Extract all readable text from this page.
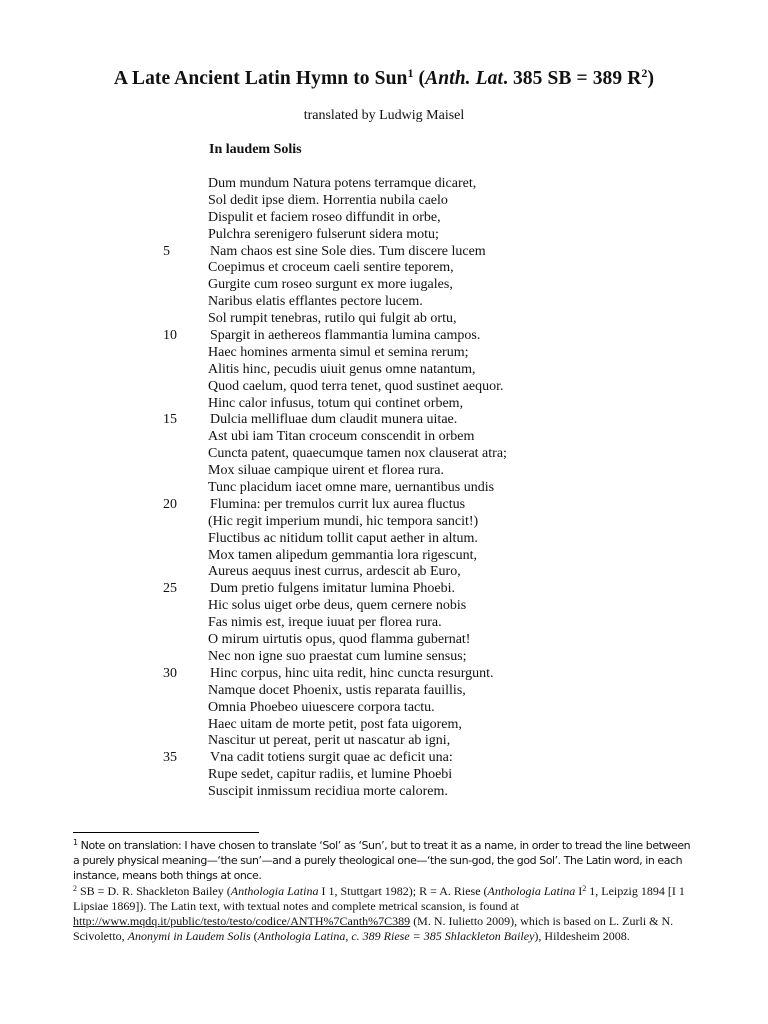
A Late Ancient Latin Hymn to Sun$^1$ (Anth. Lat. 385 SB = 389 $R^2$)
translated by Ludwig Maisel
In laudem Solis
Dum mundum Natura potens terramque dicaret,
Sol dedit ipse diem. Horrentia nubila caelo
Dispulit et faciem roseo diffundit in orbe,
Pulchra serenigero fulserunt sidera motu;
5	Nam chaos est sine Sole dies. Tum discere lucem
Coepimus et croceum caeli sentire teporem,
Gurgite cum roseo surgunt ex more iugales,
Naribus elatis efflantes pectore lucem.
Sol rumpit tenebras, rutilo qui fulgit ab ortu,
10	Spargit in aethereos flammantia lumina campos.
Haec homines armenta simul et semina rerum;
Alitis hinc, pecudis uiuit genus omne natantum,
Quod caelum, quod terra tenet, quod sustinet aequor.
Hinc calor infusus, totum qui continet orbem,
15	Dulcia mellifluae dum claudit munera uitae.
Ast ubi iam Titan croceum conscendit in orbem
Cuncta patent, quaecumque tamen nox clauserat atra;
Mox siluae campique uirent et florea rura.
Tunc placidum iacet omne mare, uernantibus undis
20	Flumina: per tremulos currit lux aurea fluctus
(Hic regit imperium mundi, hic tempora sancit!)
Fluctibus ac nitidum tollit caput aether in altum.
Mox tamen alipedum gemmantia lora rigescunt,
Aureus aequus inest currus, ardescit ab Euro,
25	Dum pretio fulgens imitatur lumina Phoebi.
Hic solus uiget orbe deus, quem cernere nobis
Fas nimis est, ireque iuuat per florea rura.
O mirum uirtutis opus, quod flamma gubernat!
Nec non igne suo praestat cum lumine sensus;
30	Hinc corpus, hinc uita redit, hinc cuncta resurgunt.
Namque docet Phoenix, ustis reparata fauillis,
Omnia Phoebeo uiuescere corpora tactu.
Haec uitam de morte petit, post fata uigorem,
Nascitur ut pereat, perit ut nascatur ab igni,
35	Vna cadit totiens surgit quae ac deficit una:
Rupe sedet, capitur radiis, et lumine Phoebi
Suscipit inmissum recidiua morte calorem.

$^1$ Note on translation: I have chosen to translate ‘Sol’ as ‘Sun’, but to treat it as a name, in order to tread the line between a purely physical meaning—‘the sun’—and a purely theological one—‘the sun-god, the god Sol’. The Latin word, in each instance, means both things at once.

$^2$ SB = D. R. Shackleton Bailey (Anthologia Latina I 1, Stuttgart 1982); R = A. Riese (Anthologia Latina $I^2$ 1, Leipzig 1894 [I 1 Lipsiae 1869]). The Latin text, with textual notes and complete metrical scansion, is found at http://www.mqdq.it/public/testo/testo/codice/ANTH%7Canth%7C389 (M. N. Iulietto 2009), which is based on L. Zurli & N. Scivoletto, Anonymi in Laudem Solis (Anthologia Latina, c. 389 Riese = 385 Shlackleton Bailey), Hildesheim 2008.
